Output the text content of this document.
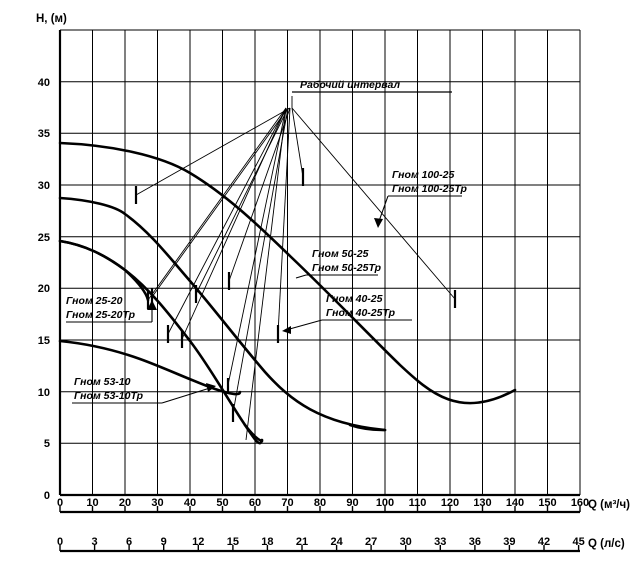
0
5
10
15
20
25
30
35
40
H, (м)
0 10 20 30 40 50 60 70 80 90 100 110 120 130 140 150 160
Q (м³/ч)
0	3	6	9 12 15 18 21 24 27 30 33 36 39 42 45 Q (л/с)
Рабочий интервал
Гном 100-25
Гном 100-25Тр
Гном 50-25
Гном 50-25Тр
Гном 40-25
Гном 40-25Тр
Гном 25-20
Гном 25-20Тр
Гном 53-10
Гном 53-10Тр
